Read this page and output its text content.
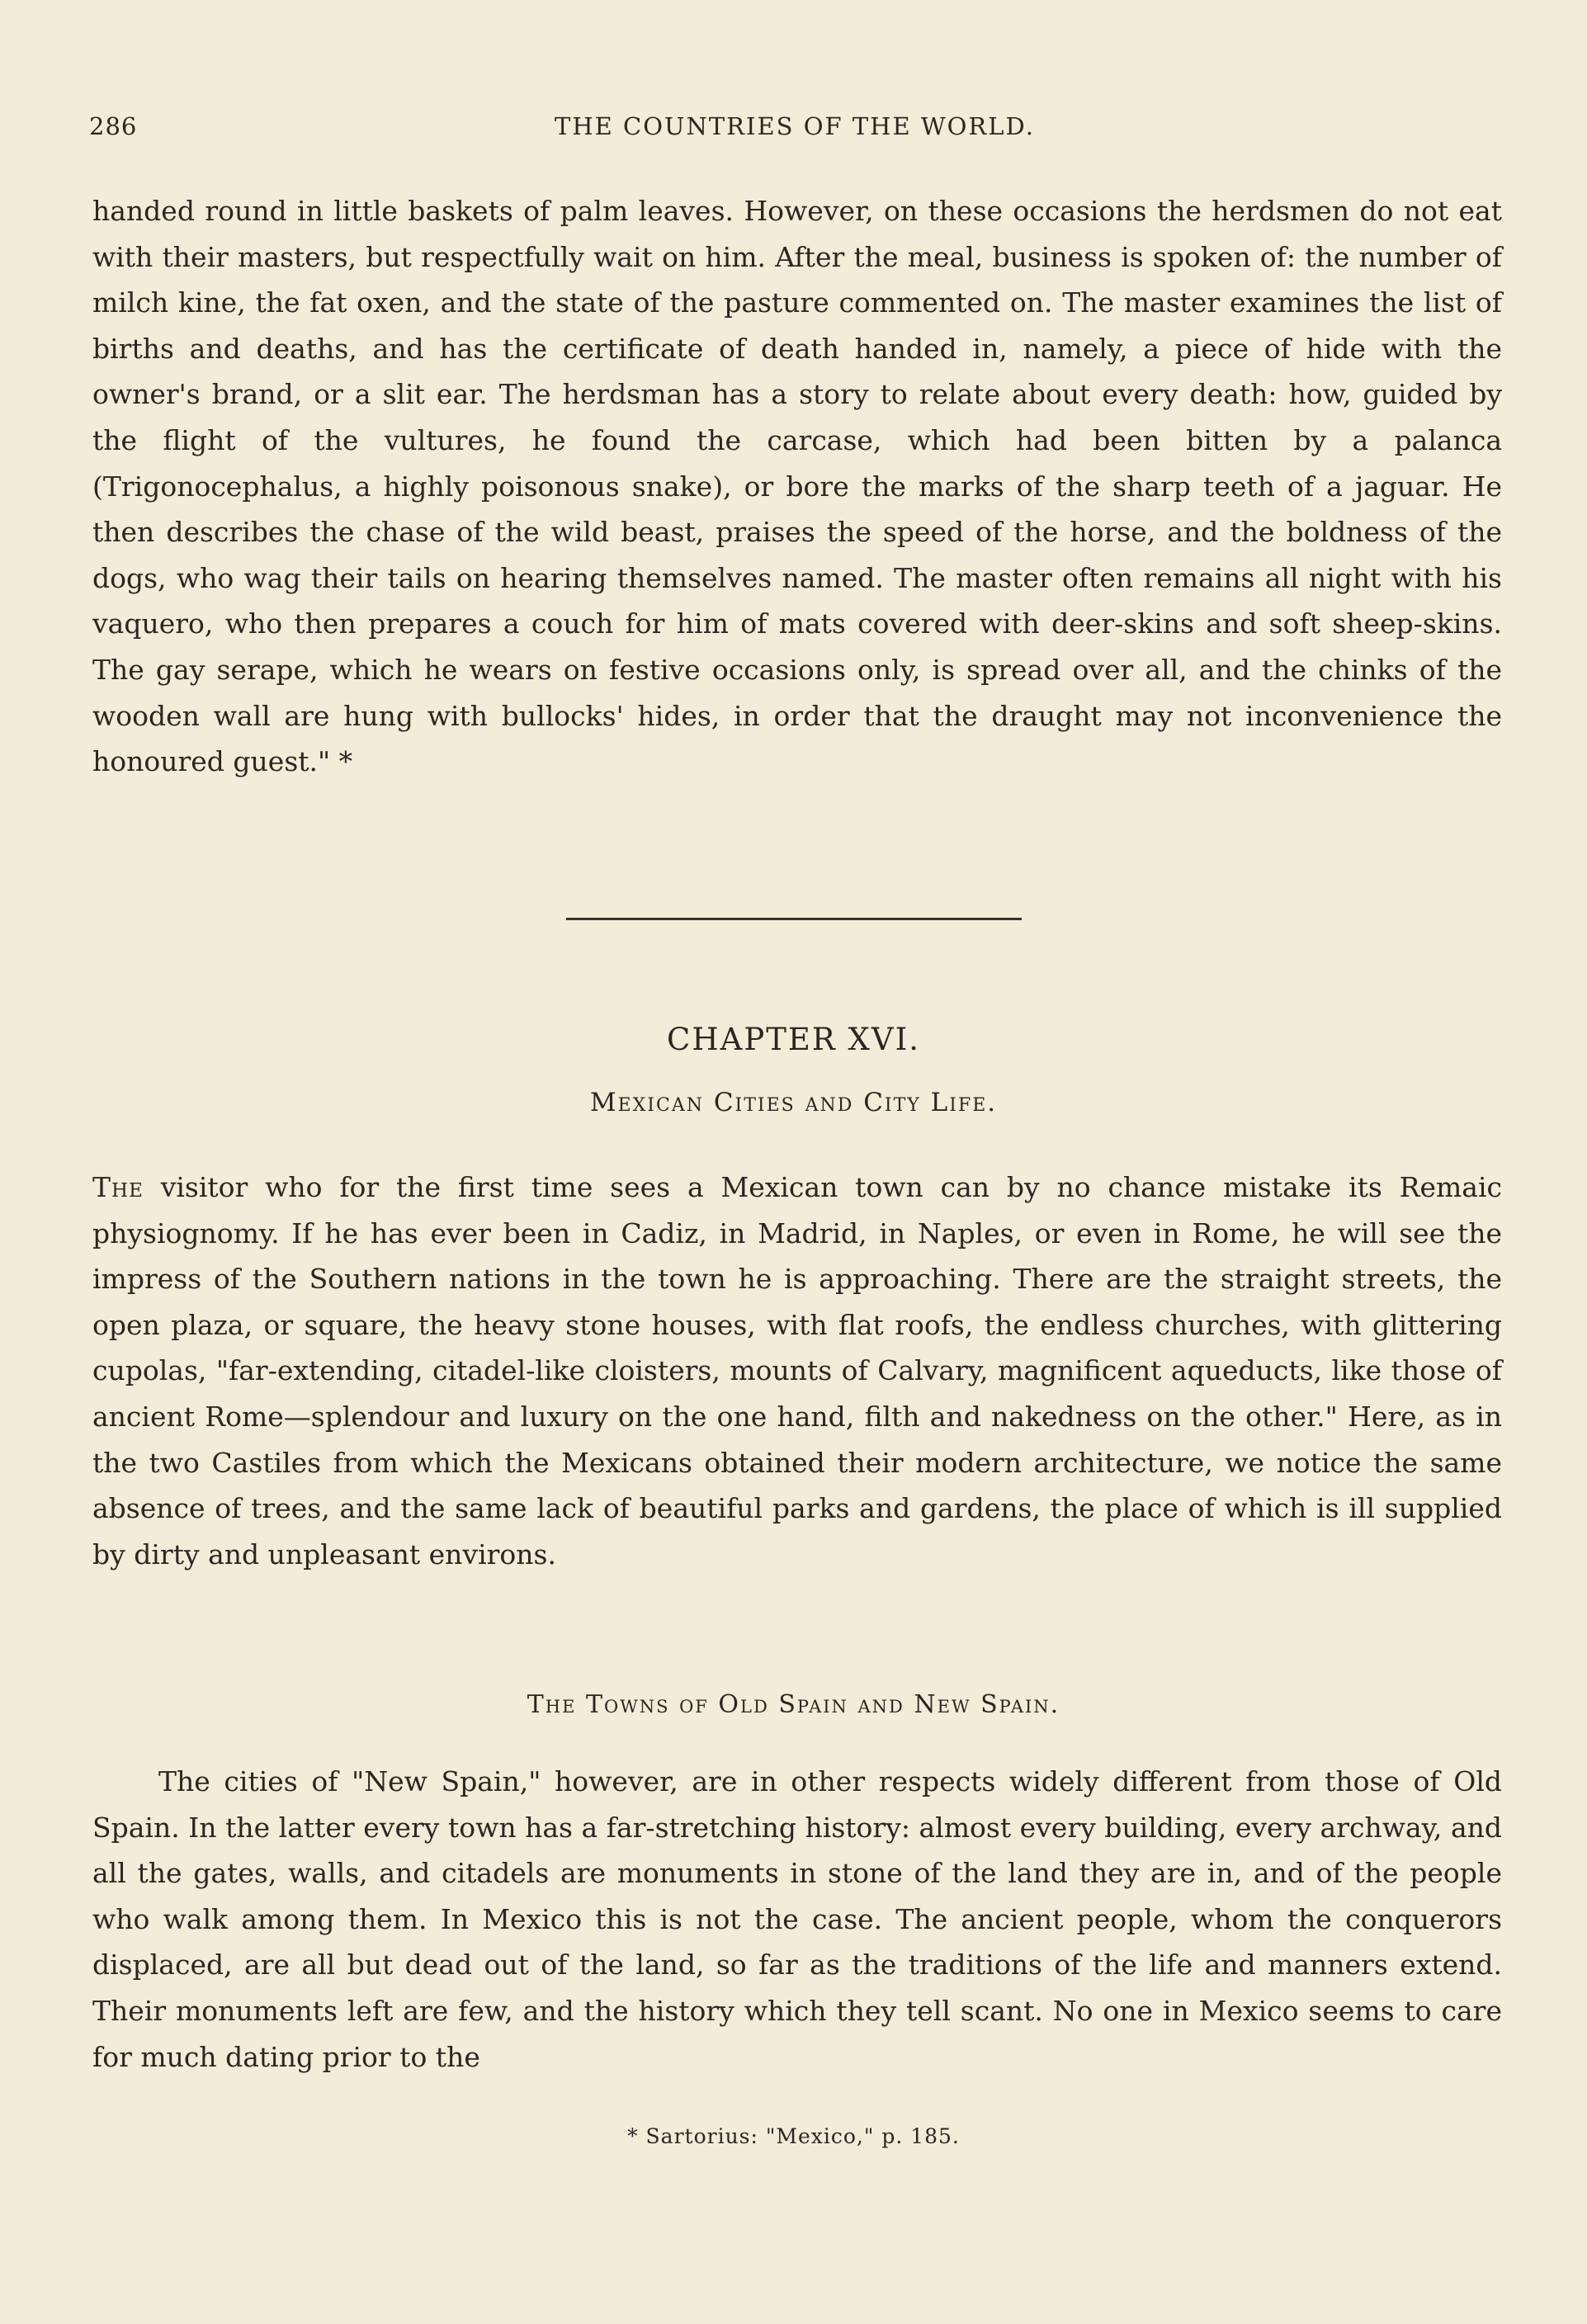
286	THE COUNTRIES OF THE WORLD.

handed round in little baskets of palm leaves. However, on these occasions the herdsmen do not eat with their masters, but respectfully wait on him. After the meal, business is spoken of: the number of milch kine, the fat oxen, and the state of the pasture commented on. The master examines the list of births and deaths, and has the certificate of death handed in, namely, a piece of hide with the owner's brand, or a slit ear. The herdsman has a story to relate about every death: how, guided by the flight of the vultures, he found the carcase, which had been bitten by a palanca (Trigonocephalus, a highly poisonous snake), or bore the marks of the sharp teeth of a jaguar. He then describes the chase of the wild beast, praises the speed of the horse, and the boldness of the dogs, who wag their tails on hearing themselves named. The master often remains all night with his vaquero, who then prepares a couch for him of mats covered with deer-skins and soft sheep-skins. The gay serape, which he wears on festive occasions only, is spread over all, and the chinks of the wooden wall are hung with bullocks' hides, in order that the draught may not inconvenience the honoured guest." *

CHAPTER XVI.
Mexican Cities and City Life.

The visitor who for the first time sees a Mexican town can by no chance mistake its Remaic physiognomy. If he has ever been in Cadiz, in Madrid, in Naples, or even in Rome, he will see the impress of the Southern nations in the town he is approaching. There are the straight streets, the open plaza, or square, the heavy stone houses, with flat roofs, the endless churches, with glittering cupolas, "far-extending, citadel-like cloisters, mounts of Calvary, magnificent aqueducts, like those of ancient Rome—splendour and luxury on the one hand, filth and nakedness on the other." Here, as in the two Castiles from which the Mexicans obtained their modern architecture, we notice the same absence of trees, and the same lack of beautiful parks and gardens, the place of which is ill supplied by dirty and unpleasant environs.

The Towns of Old Spain and New Spain.

The cities of "New Spain," however, are in other respects widely different from those of Old Spain. In the latter every town has a far-stretching history: almost every building, every archway, and all the gates, walls, and citadels are monuments in stone of the land they are in, and of the people who walk among them. In Mexico this is not the case. The ancient people, whom the conquerors displaced, are all but dead out of the land, so far as the traditions of the life and manners extend. Their monuments left are few, and the history which they tell scant. No one in Mexico seems to care for much dating prior to the

* Sartorius: "Mexico," p. 185.
